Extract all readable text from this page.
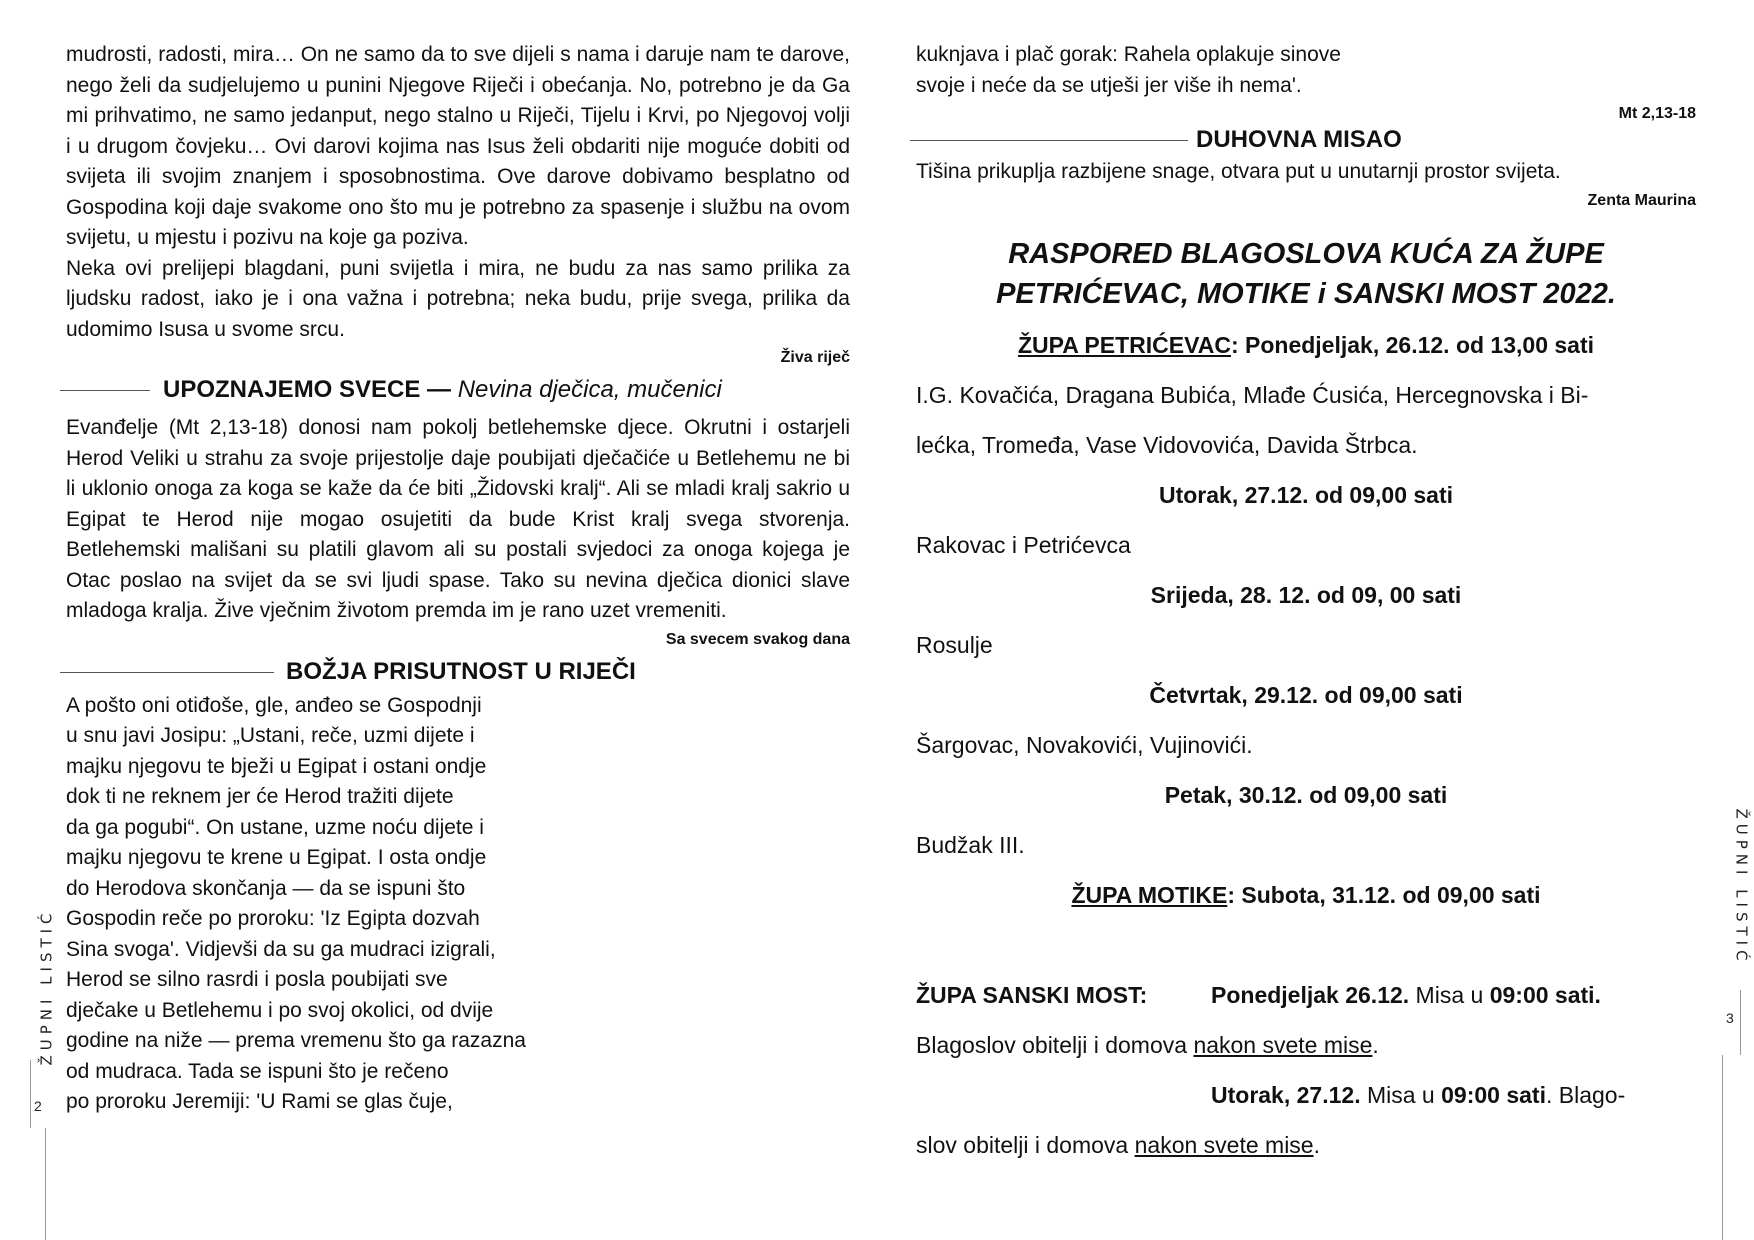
mudrosti, radosti, mira… On ne samo da to sve dijeli s nama i daruje nam te darove, nego želi da sudjelujemo u punini Njegove Riječi i obećanja. No, potrebno je da Ga mi prihvatimo, ne samo jedanput, nego stalno u Riječi, Tijelu i Krvi, po Njegovoj volji i u drugom čovjeku… Ovi darovi kojima nas Isus želi obdariti nije moguće dobiti od svijeta ili svojim znanjem i sposobnostima. Ove darove dobivamo besplatno od Gospodina koji daje svakome ono što mu je potrebno za spasenje i službu na ovom svijetu, u mjestu i pozivu na koje ga poziva.

Neka ovi prelijepi blagdani, puni svijetla i mira, ne budu za nas samo prilika za ljudsku radost, iako je i ona važna i potrebna; neka budu, prije svega, prilika da udomimo Isusa u svome srcu.

Živa riječ
UPOZNAJEMO SVECE — Nevina dječica, mučenici

Evanđelje (Mt 2,13-18) donosi nam pokolj betlehemske djece. Okrutni i ostarjeli Herod Veliki u strahu za svoje prijestolje daje poubijati dječačiće u Betlehemu ne bi li uklonio onoga za koga se kaže da će biti „Židovski kralj“. Ali se mladi kralj sakrio u Egipat te Herod nije mogao osujetiti da bude Krist kralj svega stvorenja. Betlehemski mališani su platili glavom ali su postali svjedoci za onoga kojega je Otac poslao na svijet da se svi ljudi spase. Tako su nevina dječica dionici slave mladoga kralja. Žive vječnim životom premda im je rano uzet vremeniti.

Sa svecem svakog dana
BOŽJA PRISUTNOST U RIJEČI
A pošto oni otiđoše, gle, anđeo se Gospodnji
u snu javi Josipu: „Ustani, reče, uzmi dijete i
majku njegovu te bježi u Egipat i ostani ondje
dok ti ne reknem jer će Herod tražiti dijete
da ga pogubi“. On ustane, uzme noću dijete i
majku njegovu te krene u Egipat. I osta ondje
do Herodova skončanja — da se ispuni što
Gospodin reče po proroku: 'Iz Egipta dozvah
Sina svoga'. Vidjevši da su ga mudraci izigrali,
Herod se silno rasrdi i posla poubijati sve
dječake u Betlehemu i po svoj okolici, od dvije
godine na niže — prema vremenu što ga razazna
od mudraca. Tada se ispuni što je rečeno
po proroku Jeremiji: 'U Rami se glas čuje,
ŽUPNI LISTIĆ
2
kuknjava i plač gorak: Rahela oplakuje sinove
svoje i neće da se utješi jer više ih nema'.
Mt 2,13-18
DUHOVNA MISAO

Tišina prikuplja razbijene snage, otvara put u unutarnji prostor svijeta.

Zenta Maurina

RASPORED BLAGOSLOVA KUĆA ZA ŽUPE

PETRIĆEVAC, MOTIKE i SANSKI MOST 2022.

ŽUPA PETRIĆEVAC: Ponedjeljak, 26.12. od 13,00 sati

I.G. Kovačića, Dragana Bubića, Mlađe Ćusića, Hercegnovska i Bi-

lećka, Tromeđa, Vase Vidovovića, Davida Štrbca.

Utorak, 27.12. od 09,00 sati

Rakovac i Petrićevca

Srijeda, 28. 12. od 09, 00 sati

Rosulje

Četvrtak, 29.12. od 09,00 sati

Šargovac, Novakovići, Vujinovići.

Petak, 30.12. od 09,00 sati

Budžak III.

ŽUPA MOTIKE: Subota, 31.12. od 09,00 sati

ŽUPA SANSKI MOST:	Ponedjeljak 26.12. Misa u 09:00 sati.

Blagoslov obitelji i domova nakon svete mise.

Utorak, 27.12. Misa u 09:00 sati. Blago-

slov obitelji i domova nakon svete mise.

ŽUPNI LISTIĆ
3
